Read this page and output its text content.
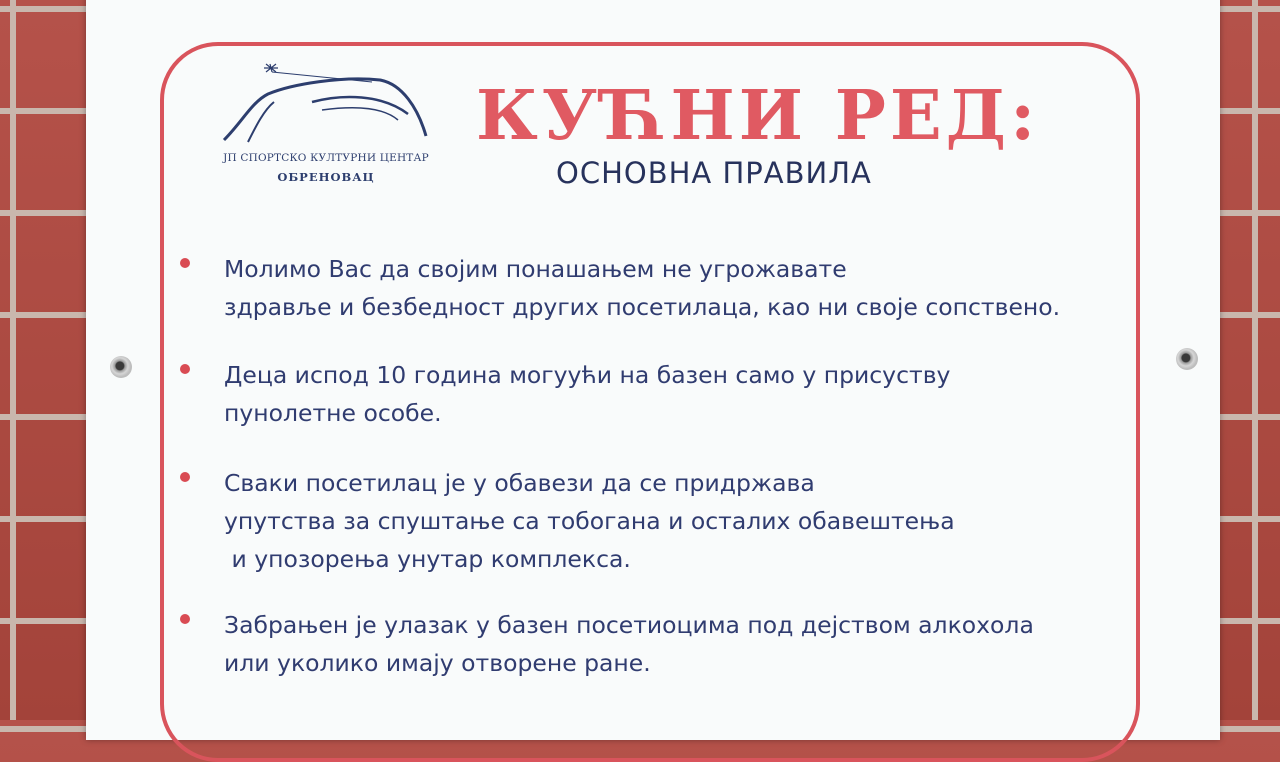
ЈП СПОРТСКО КУЛТУРНИ ЦЕНТАР
ОБРЕНОВАЦ
КУЋНИ РЕД:
ОСНОВНА ПРАВИЛА
Молимо Вас да својим понашањем не угрожавате
здравље и безбедност других посетилаца, као ни своје сопствено.
Деца испод 10 година могуући на базен само у присуству
пунолетне особе.
Сваки посетилац је у обавези да се придржава
упутства за спуштање са тобогана и осталих обавештења
и упозорења унутар комплекса.
Забрањен је улазак у базен посетиоцима под дејством алкохола
или уколико имају отворене ране.
